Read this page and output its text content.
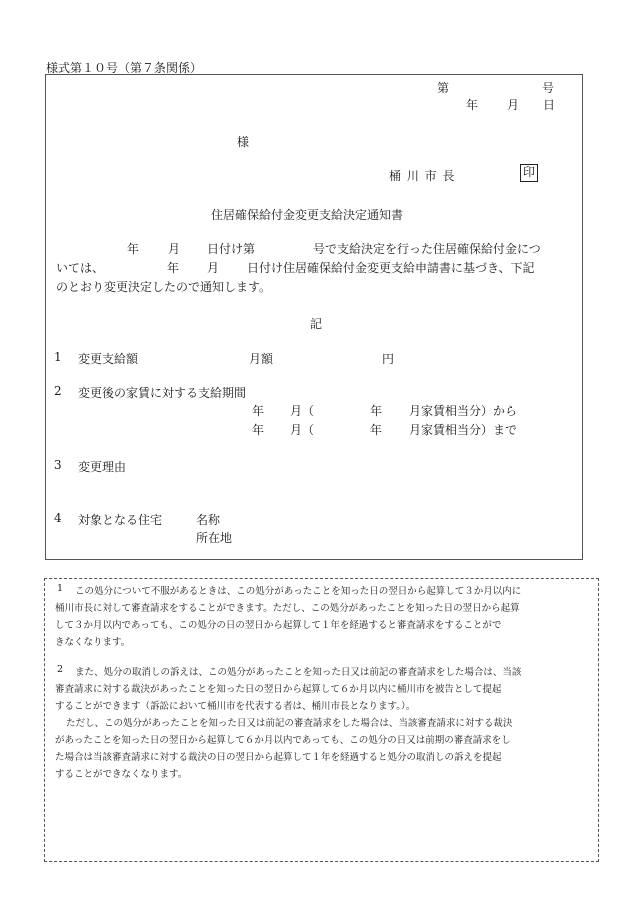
様式第１０号（第７条関係）
第	号
年 月 日
様
桶 川 市 長	印
住居確保給付金変更支給決定通知書
年 月 日付け第	号で支給決定を行った住居確保給付金につ
いては、	年 月 日付け住居確保給付金変更支給申請書に基づき、下記
のとおり変更決定したので通知します。
記
1 変更支給額	月額	円
2 変更後の家賃に対する支給期間
年 月（	年 月家賃相当分）から
年 月（	年 月家賃相当分）まで
3 変更理由
4 対象となる住宅	名称
所在地
1 この処分について不服があるときは、この処分があったことを知った日の翌日から起算して３か月以内に
桶川市長に対して審査請求をすることができます。ただし、この処分があったことを知った日の翌日から起算
して３か月以内であっても、この処分の日の翌日から起算して１年を経過すると審査請求をすることがで
きなくなります。
2 また、処分の取消しの訴えは、この処分があったことを知った日又は前記の審査請求をした場合は、当該
審査請求に対する裁決があったことを知った日の翌日から起算して６か月以内に桶川市を被告として提起
することができます（訴訟において桶川市を代表する者は、桶川市長となります。）。
ただし、この処分があったことを知った日又は前記の審査請求をした場合は、当該審査請求に対する裁決
があったことを知った日の翌日から起算して６か月以内であっても、この処分の日又は前期の審査請求をし
た場合は当該審査請求に対する裁決の日の翌日から起算して１年を経過すると処分の取消しの訴えを提起
することができなくなります。
